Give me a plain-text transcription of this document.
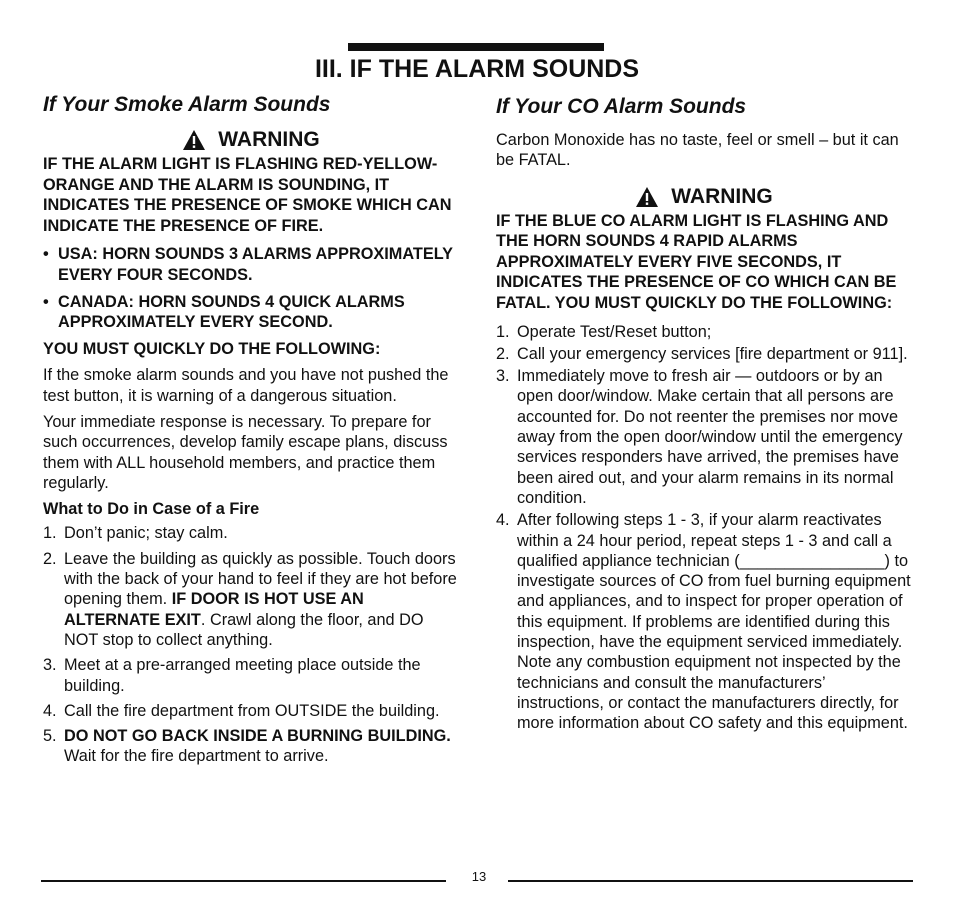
III. IF THE ALARM SOUNDS
If Your Smoke Alarm Sounds
WARNING

IF THE ALARM LIGHT IS FLASHING RED-YELLOW-ORANGE AND THE ALARM IS SOUNDING, IT INDICATES THE PRESENCE OF SMOKE WHICH CAN INDICATE THE PRESENCE OF FIRE.

• USA: HORN SOUNDS 3 ALARMS APPROXIMATELY EVERY FOUR SECONDS.
• CANADA: HORN SOUNDS 4 QUICK ALARMS APPROXIMATELY EVERY SECOND.

YOU MUST QUICKLY DO THE FOLLOWING:

If the smoke alarm sounds and you have not pushed the test button, it is warning of a dangerous situation.

Your immediate response is necessary. To prepare for such occurrences, develop family escape plans, discuss them with ALL household members, and practice them regularly.

What to Do in Case of a Fire

1. Don’t panic; stay calm.
2. Leave the building as quickly as possible. Touch doors with the back of your hand to feel if they are hot before opening them. IF DOOR IS HOT USE AN ALTERNATE EXIT. Crawl along the floor, and DO NOT stop to collect anything.
3. Meet at a pre-arranged meeting place outside the building.
4. Call the fire department from OUTSIDE the building.
5. DO NOT GO BACK INSIDE A BURNING BUILDING. Wait for the fire department to arrive.
If Your CO Alarm Sounds

Carbon Monoxide has no taste, feel or smell – but it can be FATAL.

WARNING

IF THE BLUE CO ALARM LIGHT IS FLASHING AND THE HORN SOUNDS 4 RAPID ALARMS APPROXIMATELY EVERY FIVE SECONDS, IT INDICATES THE PRESENCE OF CO WHICH CAN BE FATAL. YOU MUST QUICKLY DO THE FOLLOWING:

1. Operate Test/Reset button;
2. Call your emergency services [fire department or 911].
3. Immediately move to fresh air — outdoors or by an open door/window. Make certain that all persons are accounted for. Do not reenter the premises nor move away from the open door/window until the emergency services responders have arrived, the premises have been aired out, and your alarm remains in its normal condition.
4. After following steps 1 - 3, if your alarm reactivates within a 24 hour period, repeat steps 1 - 3 and call a qualified appliance technician (________________) to investigate sources of CO from fuel burning equipment and appliances, and to inspect for proper operation of this equipment. If problems are identified during this inspection, have the equipment serviced immediately. Note any combustion equipment not inspected by the technicians and consult the manufacturers’ instructions, or contact the manufacturers directly, for more information about CO safety and this equipment.
13
